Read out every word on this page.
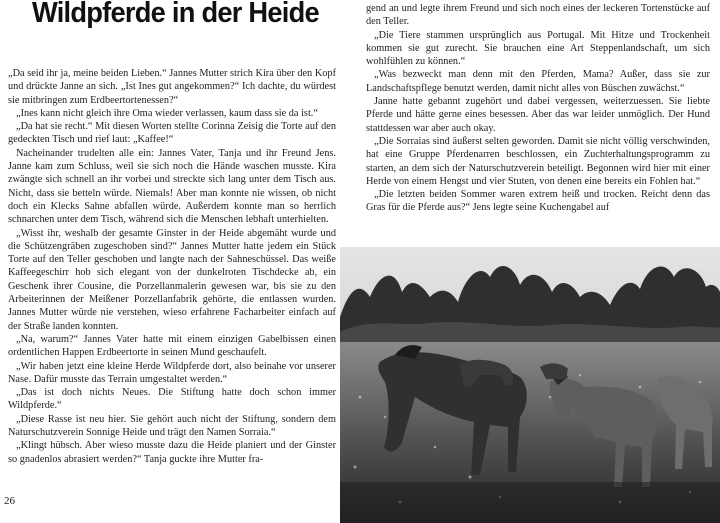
Wildpferde in der Heide

„Da seid ihr ja, meine beiden Lieben.“ Jannes Mutter strich Kira über den Kopf und drückte Janne an sich. „Ist Ines gut angekommen?“ Ich dachte, du würdest sie mitbringen zum Erdbeertortenessen?“

„Ines kann nicht gleich ihre Oma wieder verlassen, kaum dass sie da ist.“

„Da hat sie recht.“ Mit diesen Worten stellte Corinna Zeisig die Torte auf den gedeckten Tisch und rief laut: „Kaffee!“

Nacheinander trudelten alle ein: Jannes Vater, Tanja und ihr Freund Jens. Janne kam zum Schluss, weil sie sich noch die Hände waschen musste. Kira zwängte sich schnell an ihr vorbei und streckte sich lang unter dem Tisch aus. Nicht, dass sie betteln würde. Niemals! Aber man konnte nie wissen, ob nicht doch ein Klecks Sahne abfallen würde. Außerdem konnte man so herrlich schnarchen unter dem Tisch, während sich die Menschen lebhaft unterhielten.

„Wisst ihr, weshalb der gesamte Ginster in der Heide abgemäht wurde und die Schützengräben zugeschoben sind?“ Jannes Mutter hatte jedem ein Stück Torte auf den Teller geschoben und langte nach der Sahneschüssel. Das weiße Kaffeegeschirr hob sich elegant von der dunkelroten Tischdecke ab, ein Geschenk ihrer Cousine, die Porzellanmalerin gewesen war, bis sie zu den Arbeiterinnen der Meißener Porzellanfabrik gehörte, die entlassen wurden. Jannes Mutter würde nie verstehen, wieso erfahrene Facharbeiter einfach auf der Straße landen konnten.

„Na, warum?“ Jannes Vater hatte mit einem einzigen Gabelbissen einen ordentlichen Happen Erdbeertorte in seinen Mund geschaufelt.

„Wir haben jetzt eine kleine Herde Wildpferde dort, also beinahe vor unserer Nase. Dafür musste das Terrain umgestaltet werden.“

„Das ist doch nichts Neues. Die Stiftung hatte doch schon immer Wildpferde.“

„Diese Rasse ist neu hier. Sie gehört auch nicht der Stiftung, sondern dem Naturschutzverein Sonnige Heide und trägt den Namen Sorraia.“

„Klingt hübsch. Aber wieso musste dazu die Heide planiert und der Ginster so gnadenlos abrasiert werden?“ Tanja guckte ihre Mutter fra-

26

gend an und legte ihrem Freund und sich noch eines der leckeren Tortenstücke auf den Teller.

„Die Tiere stammen ursprünglich aus Portugal. Mit Hitze und Trockenheit kommen sie gut zurecht. Sie brauchen eine Art Steppenlandschaft, um sich wohlfühlen zu können.“

„Was bezweckt man denn mit den Pferden, Mama? Außer, dass sie zur Landschaftspflege benutzt werden, damit nicht alles von Büschen zuwächst.“

Janne hatte gebannt zugehört und dabei vergessen, weiterzuessen. Sie liebte Pferde und hätte gerne eines besessen. Aber das war leider unmöglich. Der Hund stattdessen war aber auch okay.

„Die Sorraias sind äußerst selten geworden. Damit sie nicht völlig verschwinden, hat eine Gruppe Pferdenarren beschlossen, ein Zuchterhaltungsprogramm zu starten, an dem sich der Naturschutzverein beteiligt. Begonnen wird hier mit einer Herde von einem Hengst und vier Stuten, von denen eine bereits ein Fohlen hat.“

„Die letzten beiden Sommer waren extrem heiß und trocken. Reicht denn das Gras für die Pferde aus?“ Jens legte seine Kuchengabel auf
